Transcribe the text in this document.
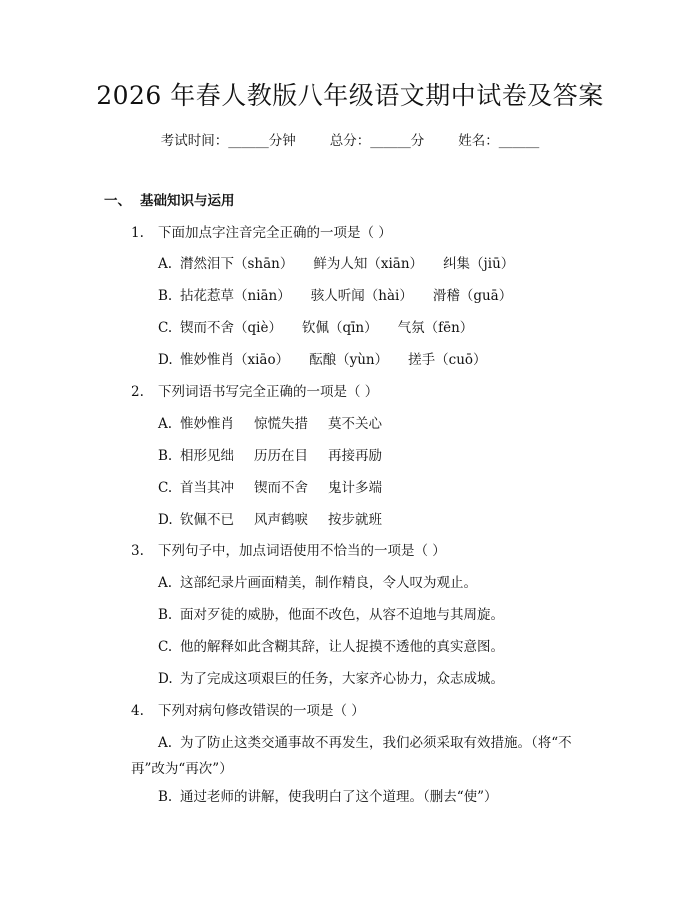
2026 年春人教版八年级语文期中试卷及答案
考试时间：______分钟	总分：______分	姓名：______
一、 基础知识与运用
1. 下面加点字注音完全正确的一项是（ ）
A. 潸然泪下（shān） 鲜为人知（xiān） 纠集（jiū）
B. 拈花惹草（niān） 骇人听闻（hài） 滑稽（guā）
C. 锲而不舍（qiè） 钦佩（qīn） 气氛（fēn）
D. 惟妙惟肖（xiāo） 酝酿（yùn） 搓手（cuō）
2. 下列词语书写完全正确的一项是（ ）
A. 惟妙惟肖 惊慌失措 莫不关心
B. 相形见绌 历历在目 再接再励
C. 首当其冲 锲而不舍 鬼计多端
D. 钦佩不已 风声鹤唳 按步就班
3. 下列句子中，加点词语使用不恰当的一项是（ ）
A. 这部纪录片画面精美，制作精良，令人叹为观止。
B. 面对歹徒的威胁，他面不改色，从容不迫地与其周旋。
C. 他的解释如此含糊其辞，让人捉摸不透他的真实意图。
D. 为了完成这项艰巨的任务，大家齐心协力，众志成城。
4. 下列对病句修改错误的一项是（ ）
A. 为了防止这类交通事故不再发生，我们必须采取有效措施。（将“不再”改为“再次”）
B. 通过老师的讲解，使我明白了这个道理。（删去“使”）
